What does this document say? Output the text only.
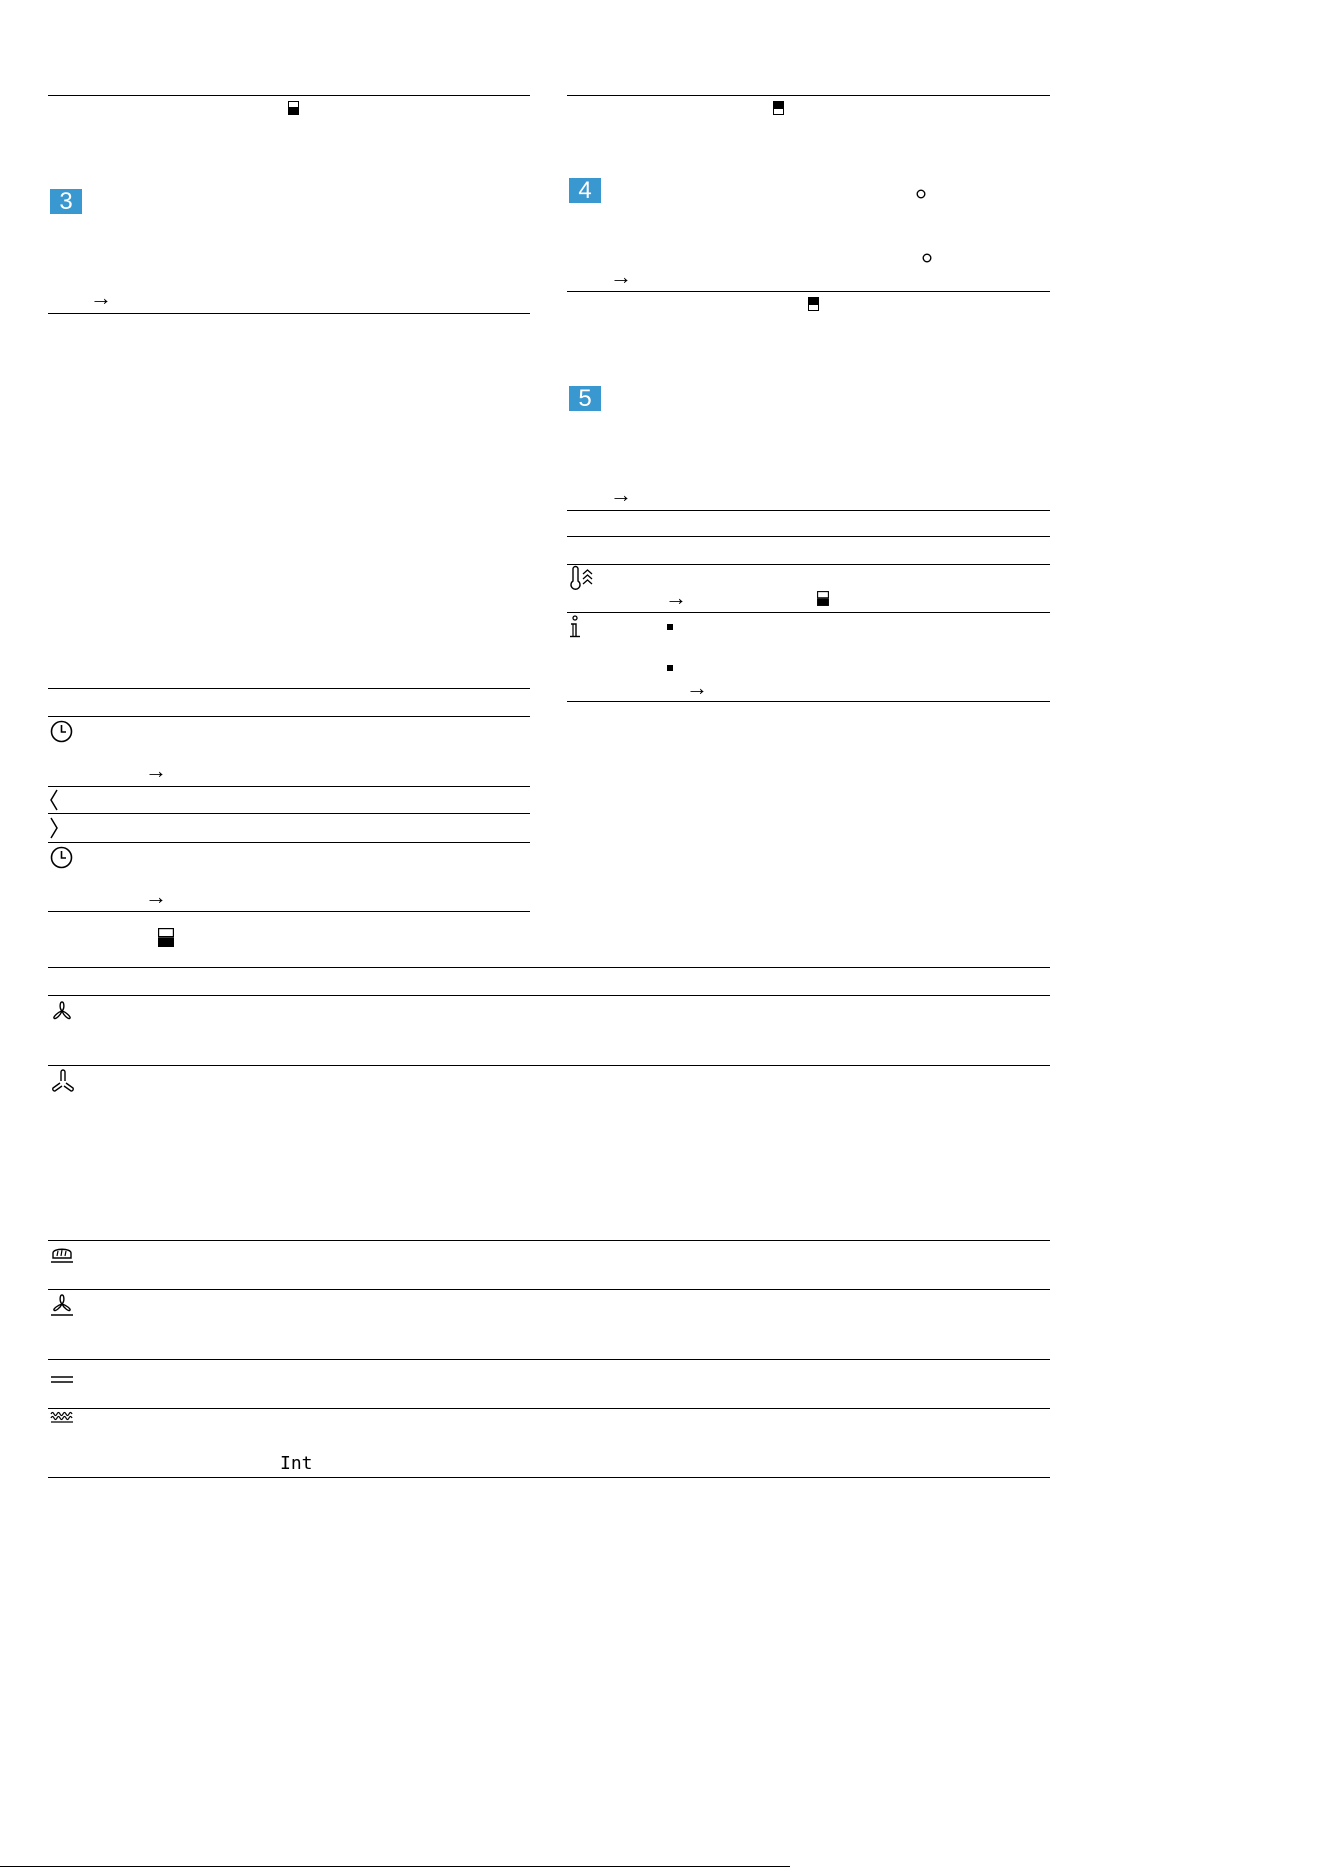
3
→
→
→
4
→
5
→
→
→
Int
